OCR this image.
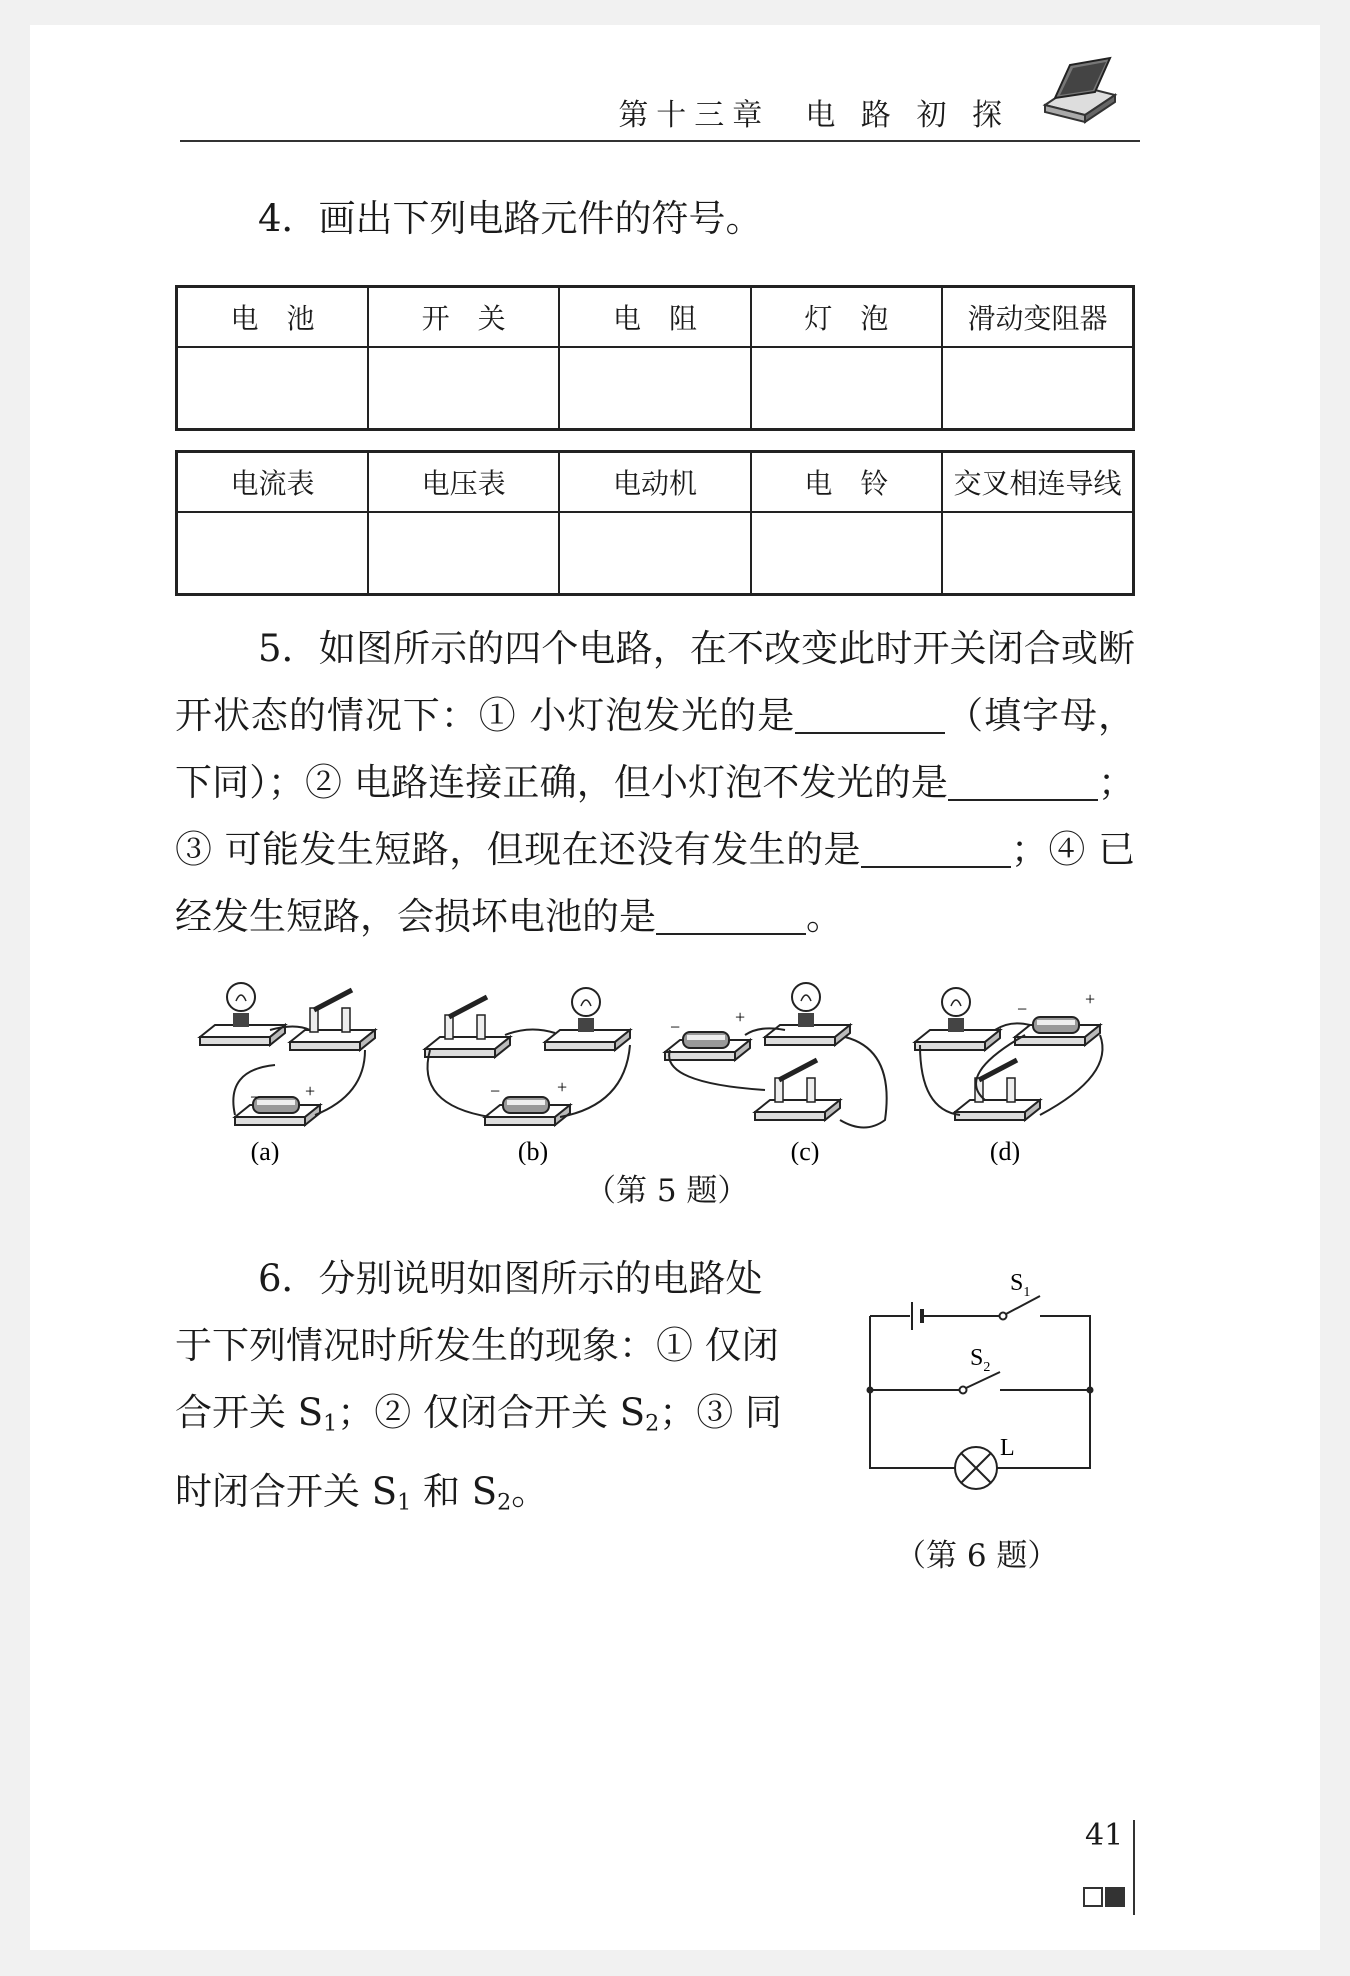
第十三章 电 路 初 探
4．画出下列电路元件的符号。
电　池	开　关	电　阻	灯　泡	滑动变阻器

电流表	电压表	电动机	电　铃	交叉相连导线

5．如图所示的四个电路，在不改变此时开关闭合或断开状态的情况下：① 小灯泡发光的是	（填字母，下同）；② 电路连接正确，但小灯泡不发光的是	；③ 可能发生短路，但现在还没有发生的是	；④ 已经发生短路，会损坏电池的是	。
− +
(a)
−	+
(b)
−	+
(c)
−	+
(d)
（第 5 题）
6．分别说明如图所示的电路处于下列情况时所发生的现象：① 仅闭合开关 $S_1$；② 仅闭合开关 $S_2$；③ 同时闭合开关 $S_1$ 和 $S_2$。
$S_1$
$S_2$
L
（第 6 题）
41
